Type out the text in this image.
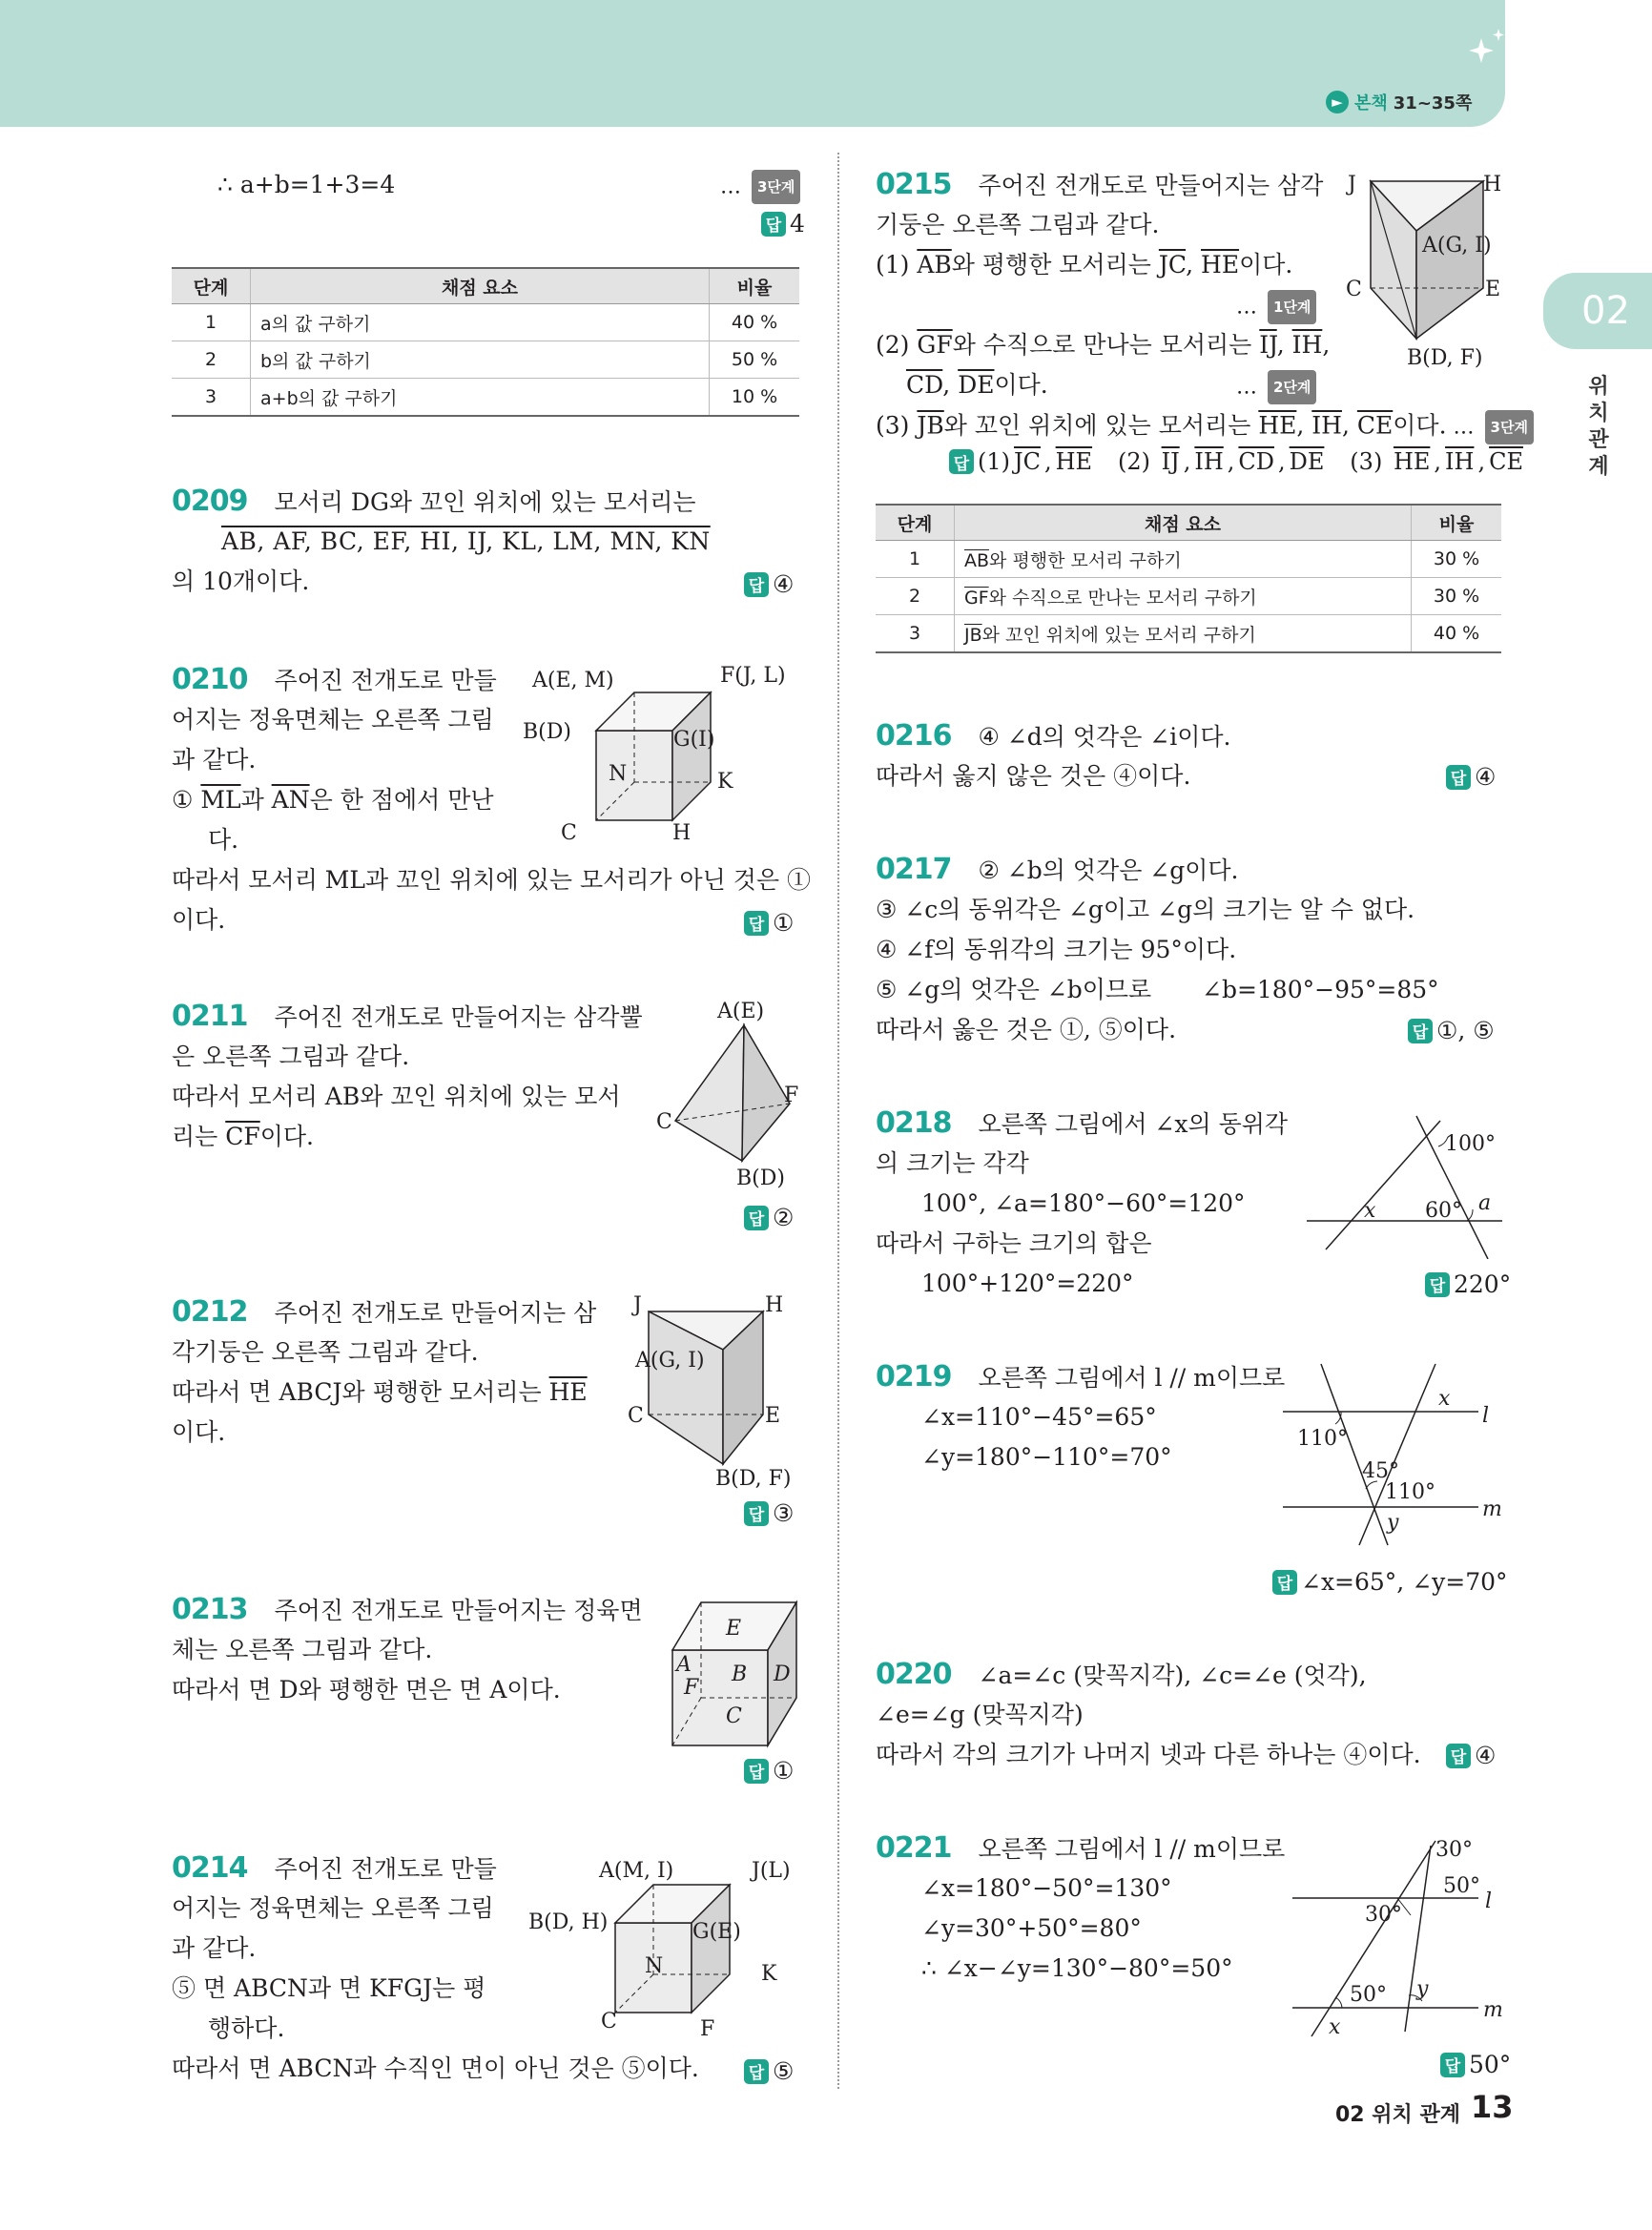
► 본책 31~35쪽
02
위치관계
∴ a+b=1+3=4	… 3단계
답 4
단계	채점 요소	비율
1	a의 값 구하기	40 %
2	b의 값 구하기	50 %
3	a+b의 값 구하기	10 %
0209 모서리 DG와 꼬인 위치에 있는 모서리는
AB, AF, BC, EF, HI, IJ, KL, LM, MN, KN
의 10개이다.	답 ④
0210 주어진 전개도로 만들
어지는 정육면체는 오른쪽 그림
과 같다.
① $\overline{ML}$과 $\overline{AN}$은 한 점에서 만난
다.
따라서 모서리 ML과 꼬인 위치에 있는 모서리가 아닌 것은 ①
이다.	답 ①
A(E, M)	F(J, L)
B(D)	G(I)
N	K
C	H
0211 주어진 전개도로 만들어지는 삼각뿔
은 오른쪽 그림과 같다.
따라서 모서리 AB와 꼬인 위치에 있는 모서
리는 $\overline{CF}$이다.
답 ②
A(E)
C
F
B(D)
0212 주어진 전개도로 만들어지는 삼
각기둥은 오른쪽 그림과 같다.
따라서 면 ABCJ와 평행한 모서리는 $\overline{HE}$
이다.
답 ③
J	H
A(G, I)
C	E
B(D, F)
0213 주어진 전개도로 만들어지는 정육면
체는 오른쪽 그림과 같다.
따라서 면 D와 평행한 면은 면 A이다.
답 ①
E
A B D
F
C
0214 주어진 전개도로 만들
어지는 정육면체는 오른쪽 그림
과 같다.
⑤ 면 ABCN과 면 KFGJ는 평
행하다.
따라서 면 ABCN과 수직인 면이 아닌 것은 ⑤이다.	답 ⑤
A(M, I)	J(L)
B(D, H)	G(E)
N	K
C	F
0215 주어진 전개도로 만들어지는 삼각
기둥은 오른쪽 그림과 같다.
(1) $\overline{AB}$와 평행한 모서리는 $\overline{JC}$, $\overline{HE}$이다.
… 1단계
(2) $\overline{GF}$와 수직으로 만나는 모서리는 $\overline{IJ}$, $\overline{IH}$,
$\overline{CD}$, $\overline{DE}$이다.	… 2단계
(3) $\overline{JB}$와 꼬인 위치에 있는 모서리는 $\overline{HE}$, $\overline{IH}$, $\overline{CE}$이다. … 3단계
답 (1) $\overline{JC}$ , $\overline{HE}$ (2) $\overline{IJ}$ , $\overline{IH}$ , $\overline{CD}$ , $\overline{DE}$ (3) $\overline{HE}$ , $\overline{IH}$ , $\overline{CE}$
단계	채점 요소	비율
1	$\overline{AB}$와 평행한 모서리 구하기	30 %
2	$\overline{GF}$와 수직으로 만나는 모서리 구하기	30 %
3	$\overline{JB}$와 꼬인 위치에 있는 모서리 구하기	40 %
J	H
A(G, I)
C	E
B(D, F)
0216 ④ ∠d의 엇각은 ∠i이다.
따라서 옳지 않은 것은 ④이다.	답 ④
0217 ② ∠b의 엇각은 ∠g이다.
③ ∠c의 동위각은 ∠g이고 ∠g의 크기는 알 수 없다.
④ ∠f의 동위각의 크기는 95°이다.
⑤ ∠g의 엇각은 ∠b이므로 ∠b=180°−95°=85°
따라서 옳은 것은 ①, ⑤이다.	답 ①, ⑤
0218 오른쪽 그림에서 ∠x의 동위각
의 크기는 각각
100°, ∠a=180°−60°=120°
따라서 구하는 크기의 합은
100°+120°=220°	답 220°
100°
x 60° a
0219 오른쪽 그림에서 l // m이므로
∠x=110°−45°=65°
∠y=180°−110°=70°
답 ∠x=65°, ∠y=70°
x
l
110°
45°
110°
m
y
0220 ∠a=∠c (맞꼭지각), ∠c=∠e (엇각),
∠e=∠g (맞꼭지각)
따라서 각의 크기가 나머지 넷과 다른 하나는 ④이다. 답 ④
0221 오른쪽 그림에서 l // m이므로
∠x=180°−50°=130°
∠y=30°+50°=80°
∴ ∠x−∠y=130°−80°=50°
답 50°
30°
50°
l
30°
50° y
m
x
02 위치 관계 13
